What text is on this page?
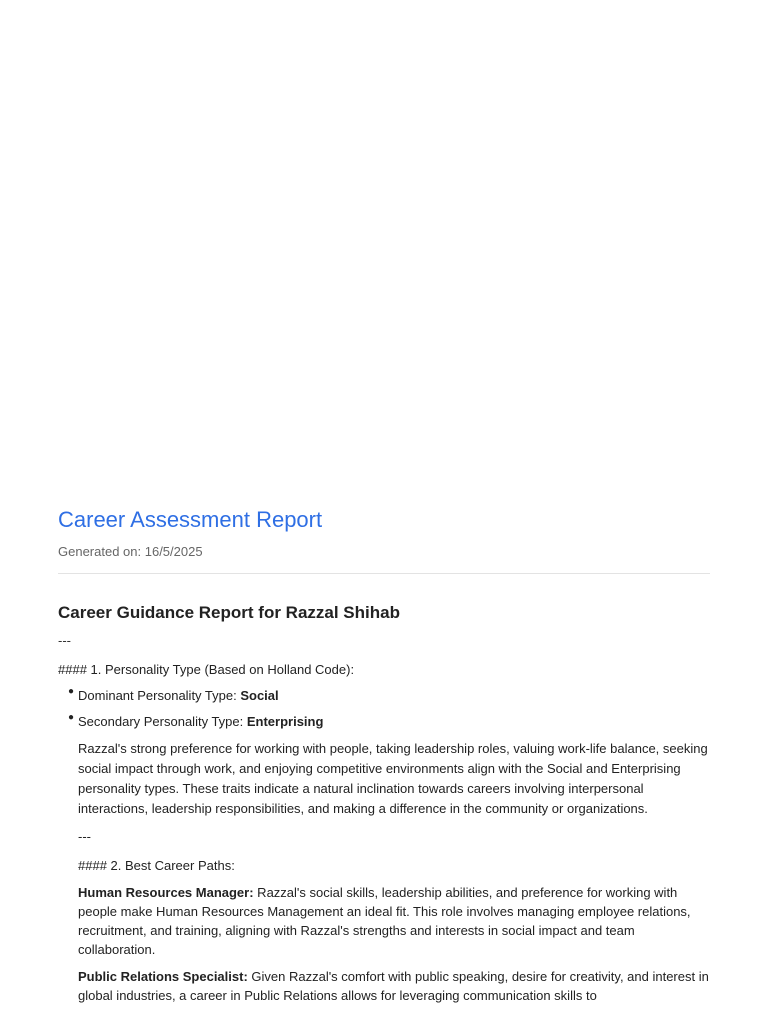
Career Assessment Report
Generated on: 16/5/2025
Career Guidance Report for Razzal Shihab
---
#### 1. Personality Type (Based on Holland Code):
● Dominant Personality Type: Social
● Secondary Personality Type: Enterprising
Razzal's strong preference for working with people, taking leadership roles, valuing work-life balance, seeking social impact through work, and enjoying competitive environments align with the Social and Enterprising personality types. These traits indicate a natural inclination towards careers involving interpersonal interactions, leadership responsibilities, and making a difference in the community or organizations.
---
#### 2. Best Career Paths:
Human Resources Manager: Razzal's social skills, leadership abilities, and preference for working with people make Human Resources Management an ideal fit. This role involves managing employee relations, recruitment, and training, aligning with Razzal's strengths and interests in social impact and team collaboration.
Public Relations Specialist: Given Razzal's comfort with public speaking, desire for creativity, and interest in global industries, a career in Public Relations allows for leveraging communication skills to
